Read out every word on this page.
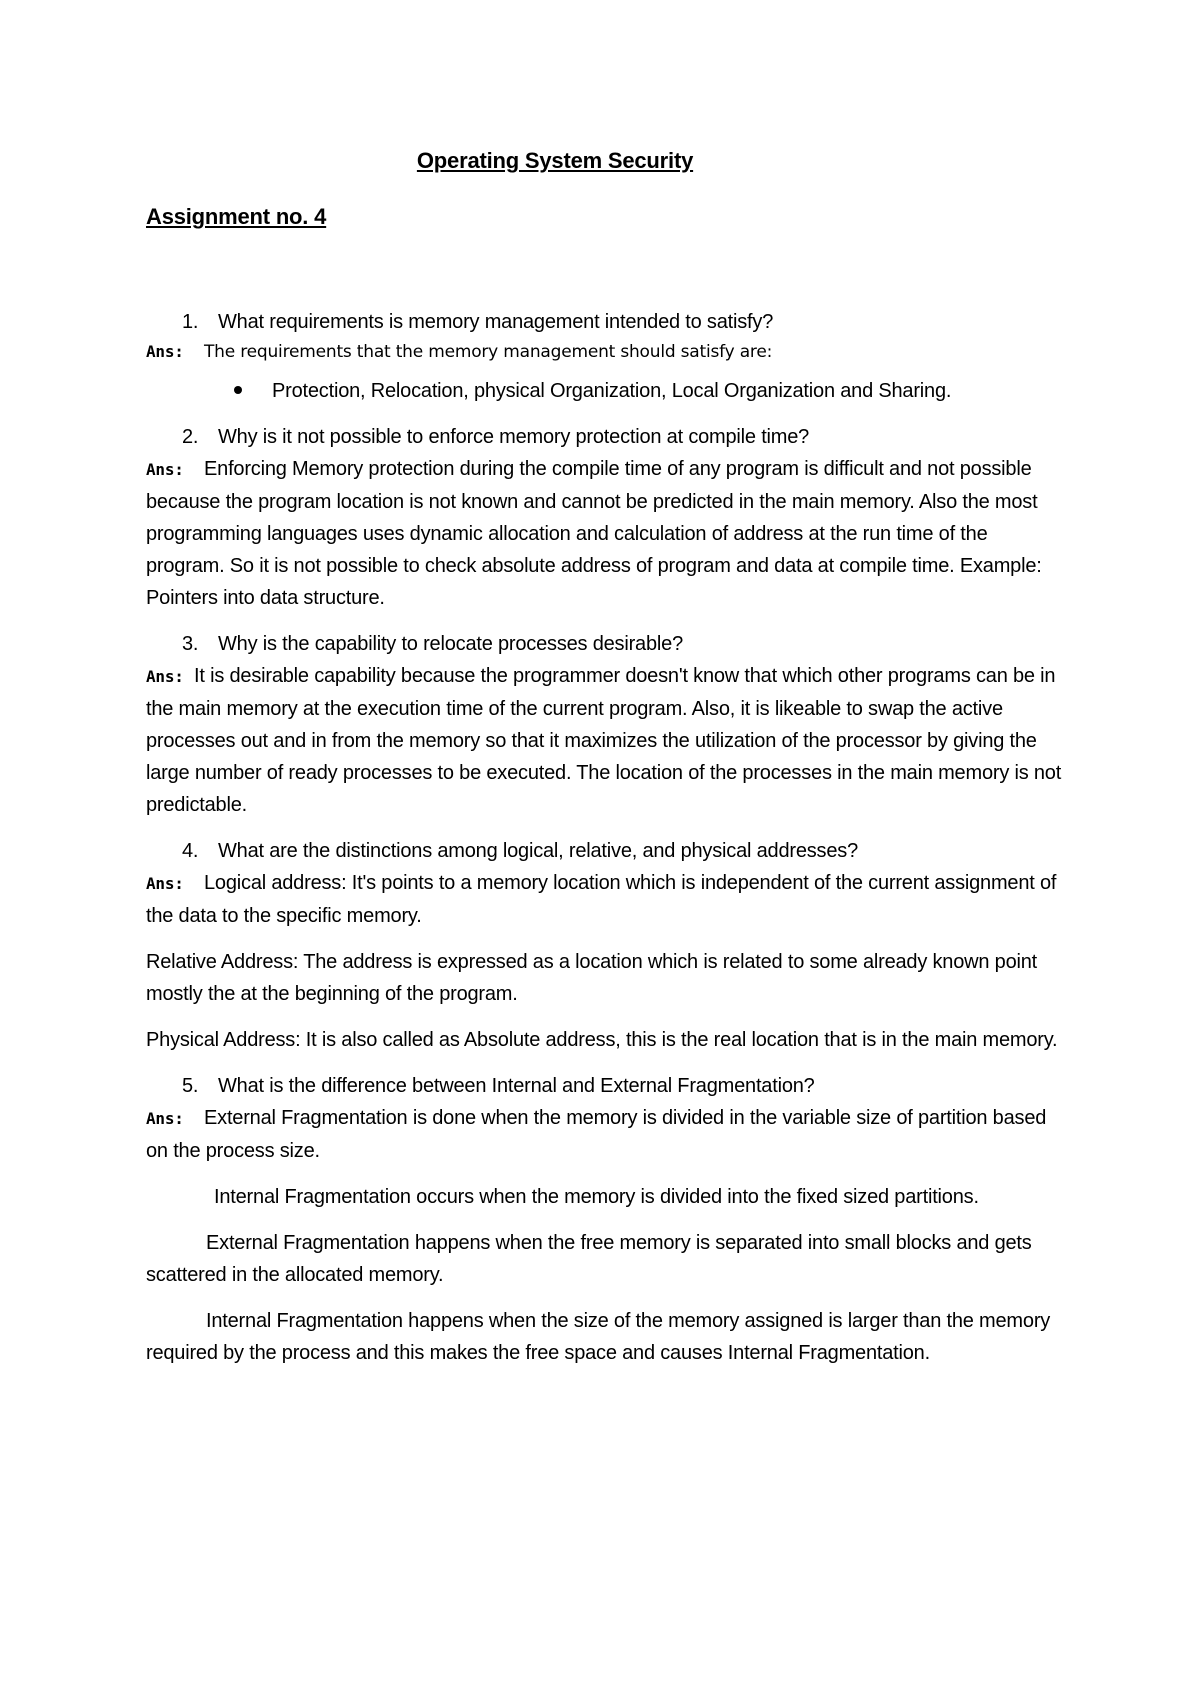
Operating System Security
Assignment no. 4

1. What requirements is memory management intended to satisfy?

Ans: The requirements that the memory management should satisfy are:

Protection, Relocation, physical Organization, Local Organization and Sharing.

2. Why is it not possible to enforce memory protection at compile time?

Ans: Enforcing Memory protection during the compile time of any program is difficult and not possible because the program location is not known and cannot be predicted in the main memory. Also the most programming languages uses dynamic allocation and calculation of address at the run time of the program. So it is not possible to check absolute address of program and data at compile time. Example: Pointers into data structure.

3. Why is the capability to relocate processes desirable?

Ans: It is desirable capability because the programmer doesn't know that which other programs can be in the main memory at the execution time of the current program. Also, it is likeable to swap the active processes out and in from the memory so that it maximizes the utilization of the processor by giving the large number of ready processes to be executed. The location of the processes in the main memory is not predictable.

4. What are the distinctions among logical, relative, and physical addresses?

Ans: Logical address: It's points to a memory location which is independent of the current assignment of the data to the specific memory.

Relative Address: The address is expressed as a location which is related to some already known point mostly the at the beginning of the program.

Physical Address: It is also called as Absolute address, this is the real location that is in the main memory.

5. What is the difference between Internal and External Fragmentation?

Ans: External Fragmentation is done when the memory is divided in the variable size of partition based on the process size.

Internal Fragmentation occurs when the memory is divided into the fixed sized partitions.

External Fragmentation happens when the free memory is separated into small blocks and gets scattered in the allocated memory.

Internal Fragmentation happens when the size of the memory assigned is larger than the memory required by the process and this makes the free space and causes Internal Fragmentation.
